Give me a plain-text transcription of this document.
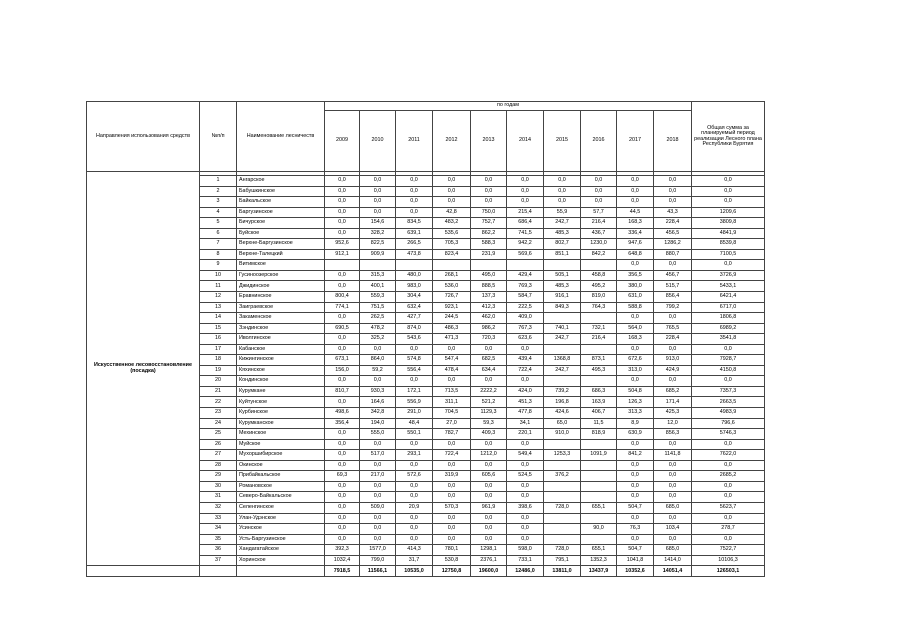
Направления использования средств	№п/п	Наименование лесничеств	по годам										Общая сумма за планируемый период реализации Лесного плана Республики Бурятия
			2009	2010	2011	2012	2013	2014	2015	2016	2017	2018	
Искусственное лесовосстановление (посадка)													
	1	Ангарское	0,0	0,0	0,0	0,0	0,0	0,0	0,0	0,0	0,0	0,0	0,0
	2	Бабушкинское	0,0	0,0	0,0	0,0	0,0	0,0	0,0	0,0	0,0	0,0	0,0
	3	Байкальское	0,0	0,0	0,0	0,0	0,0	0,0	0,0	0,0	0,0	0,0	0,0
	4	Баргузинское	0,0	0,0	0,0	42,8	750,0	215,4	55,9	57,7	44,5	43,3	1209,6
	5	Бичурское	0,0	154,6	834,5	483,2	752,7	686,4	242,7	216,4	168,3	228,4	3809,8
	6	Буйское	0,0	328,2	639,1	535,6	862,2	741,5	485,3	436,7	336,4	456,5	4841,9
	7	Верхне-Баргузинское	952,6	822,5	266,5	705,3	588,3	942,2	802,7	1230,0	947,6	1286,2	8539,8
	8	Верхне-Талецкий	912,1	909,9	473,8	823,4	231,9	569,6	851,1	842,2	648,8	880,7	7100,5
	9	Витимское									0,0	0,0	0,0
	10	Гусиноозерское	0,0	315,3	480,0	268,1	495,0	429,4	505,1	458,8	356,5	456,7	3726,9
	11	Джидинское	0,0	400,1	983,0	536,0	888,5	769,3	485,3	495,2	380,0	515,7	5433,1
	12	Еравнинское	800,4	559,3	304,4	726,7	137,3	584,7	916,1	819,0	631,0	856,4	6421,4
	13	Заиграевское	774,1	751,5	632,4	923,1	412,3	222,5	849,3	764,3	588,8	799,2	6717,0
	14	Закаменское	0,0	262,5	427,7	244,5	462,0	409,0			0,0	0,0	1806,8
	15	Зэндинское	690,5	478,2	874,0	486,3	986,2	767,3	740,1	732,1	564,0	765,5	6989,2
	16	Иволгинское	0,0	325,2	543,6	471,3	720,3	623,6	242,7	216,4	168,3	228,4	3541,8
	17	Кабанское	0,0	0,0	0,0	0,0	0,0	0,0			0,0	0,0	0,0
	18	Кижингинское	673,1	864,0	574,8	547,4	682,5	439,4	1368,8	873,1	672,6	913,0	7928,7
	19	Кяхинское	156,0	59,2	556,4	478,4	634,4	722,4	242,7	495,3	313,0	424,9	4150,8
	20	Кондинское	0,0	0,0	0,0	0,0	0,0	0,0			0,0	0,0	0,0
	21	Курумкане	810,7	930,3	172,1	713,5	2222,2	424,0	739,2	686,3	504,8	685,2	7357,3
	22	Куйтунское	0,0	164,6	556,9	311,1	521,2	451,3	196,8	163,9	126,3	171,4	2663,5
	23	Курбинское	498,6	342,8	291,0	704,5	1129,3	477,8	424,6	406,7	313,3	425,3	4983,9
	24	Курумканское	356,4	194,0	48,4	27,0	59,3	34,1	65,0	11,5	8,9	12,0	796,6
	25	Мехинское	0,0	555,0	550,1	782,7	409,3	220,1	910,0	818,9	630,9	856,3	5746,3
	26	Муйское	0,0	0,0	0,0	0,0	0,0	0,0			0,0	0,0	0,0
	27	Мухоршибирское	0,0	517,0	293,1	722,4	1212,0	549,4	1253,3	1091,9	841,2	1141,8	7622,0
	28	Окинское	0,0	0,0	0,0	0,0	0,0	0,0			0,0	0,0	0,0
	29	Прибайкальское	69,3	217,0	572,6	319,9	605,6	524,5	376,2		0,0	0,0	2685,2
	30	Романовское	0,0	0,0	0,0	0,0	0,0	0,0			0,0	0,0	0,0
	31	Северо-Байкальское	0,0	0,0	0,0	0,0	0,0	0,0			0,0	0,0	0,0
	32	Селенгинское	0,0	509,0	20,9	570,3	961,9	398,6	728,0	655,1	504,7	685,0	5623,7
	33	Улан-Удэнское	0,0	0,0	0,0	0,0	0,0	0,0			0,0	0,0	0,0
	34	Усинское	0,0	0,0	0,0	0,0	0,0	0,0		90,0	76,3	103,4	278,7
	35	Усть-Баргузинское	0,0	0,0	0,0	0,0	0,0	0,0			0,0	0,0	0,0
	36	Хандагатайское	392,3	1577,0	414,3	780,1	1298,1	598,0	728,0	655,1	504,7	685,0	7522,7
	37	Хоринское	1032,4	799,0	31,7	530,8	2376,1	733,1	795,1	1352,3	1041,8	1414,0	10106,3
			7918,5	11566,1	10535,0	12750,8	19600,0	12486,0	13811,0	13437,9	10352,6	14051,4	126503,1
